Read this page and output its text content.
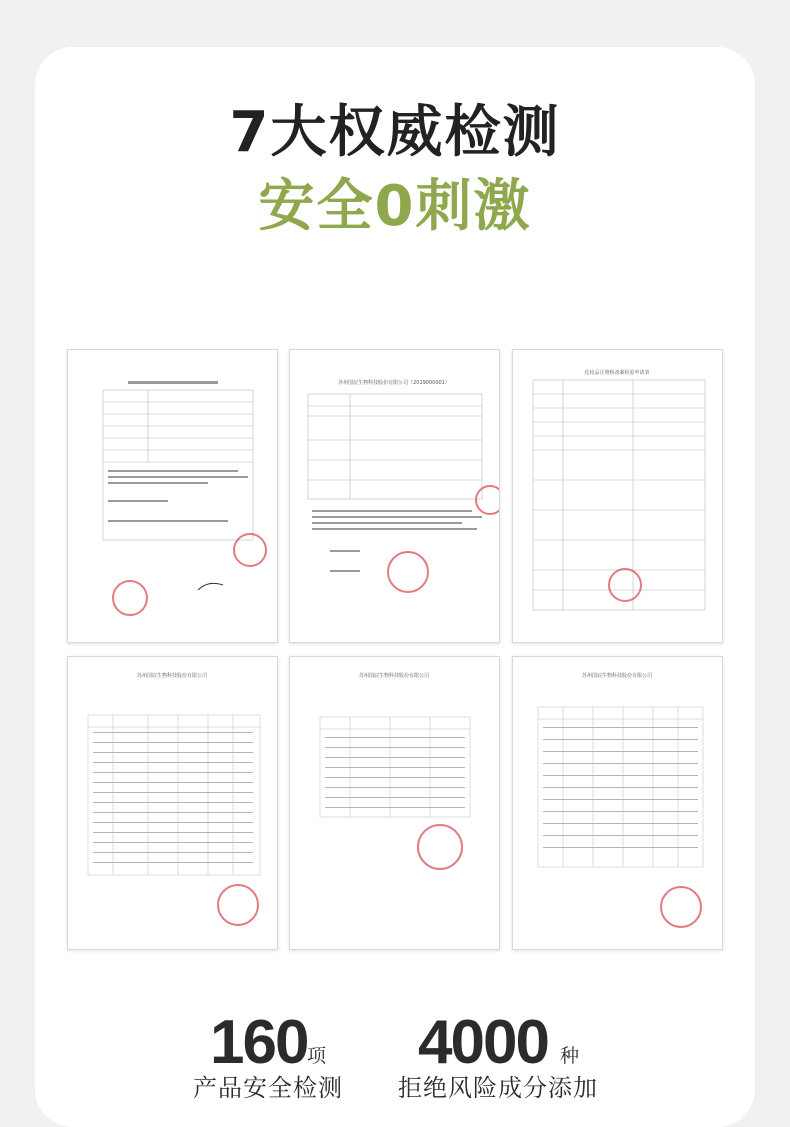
7大权威检测
安全0刺激
苏州国辰生物科技股份有限公司（2019000001）
化妆品注册和备案检验申请表
苏州国辰生物科技股份有限公司	苏州国辰生物科技股份有限公司	苏州国辰生物科技股份有限公司
160 项
产品安全检测
4000 种
拒绝风险成分添加
